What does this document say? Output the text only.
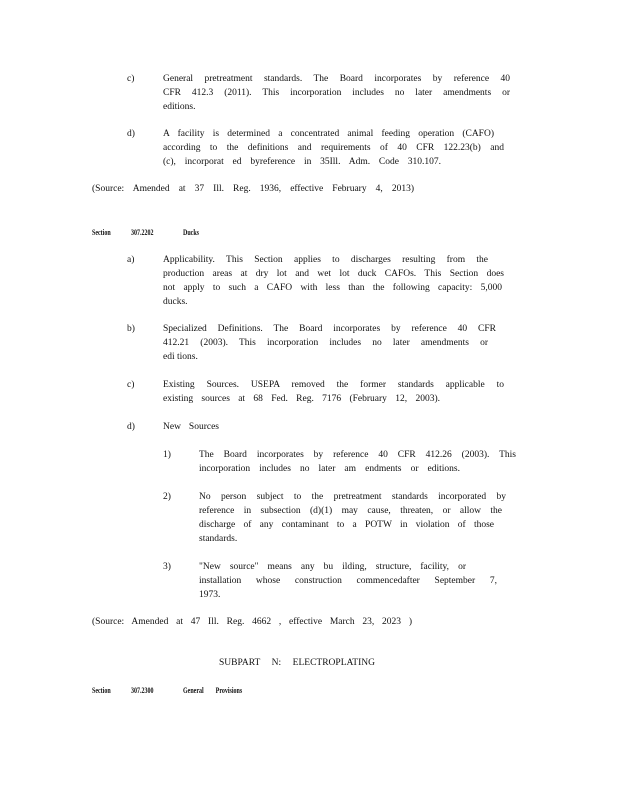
c)	General pretreatment standards. The Board incorporates by reference 40
CFR 412.3 (2011). This incorporation includes no later amendments or
editions.
d)	A facility is determined a concentrated animal feeding operation (CAFO)
according to the definitions and requirements of 40 CFR 122.23(b) and
(c), incorporat ed byreference in 35Ill. Adm. Code 310.107.
(Source: Amended at 37 Ill. Reg. 1936, effective February 4, 2013)
Section	307.2202	Ducks
a)	Applicability. This Section applies to discharges resulting from the
production areas at dry lot and wet lot duck CAFOs. This Section does
not apply to such a CAFO with less than the following capacity: 5,000
ducks.
b)	Specialized Definitions. The Board incorporates by reference 40 CFR
412.21 (2003). This incorporation includes no later amendments or
edi tions.
c)	Existing Sources. USEPA removed the former standards applicable to
existing sources at 68 Fed. Reg. 7176 (February 12, 2003).
d)	New Sources
1)	The Board incorporates by reference 40 CFR 412.26 (2003). This
incorporation includes no later am endments or editions.
2)	No person subject to the pretreatment standards incorporated by
reference in subsection (d)(1) may cause, threaten, or allow the
discharge of any contaminant to a POTW in violation of those
standards.
3)	"New source" means any bu ilding, structure, facility, or
installation whose construction commencedafter September 7,
1973.
(Source: Amended at 47 Ill. Reg. 4662 , effective March 23, 2023 )
SUBPART N: ELECTROPLATING
Section	307.2300	General Provisions
